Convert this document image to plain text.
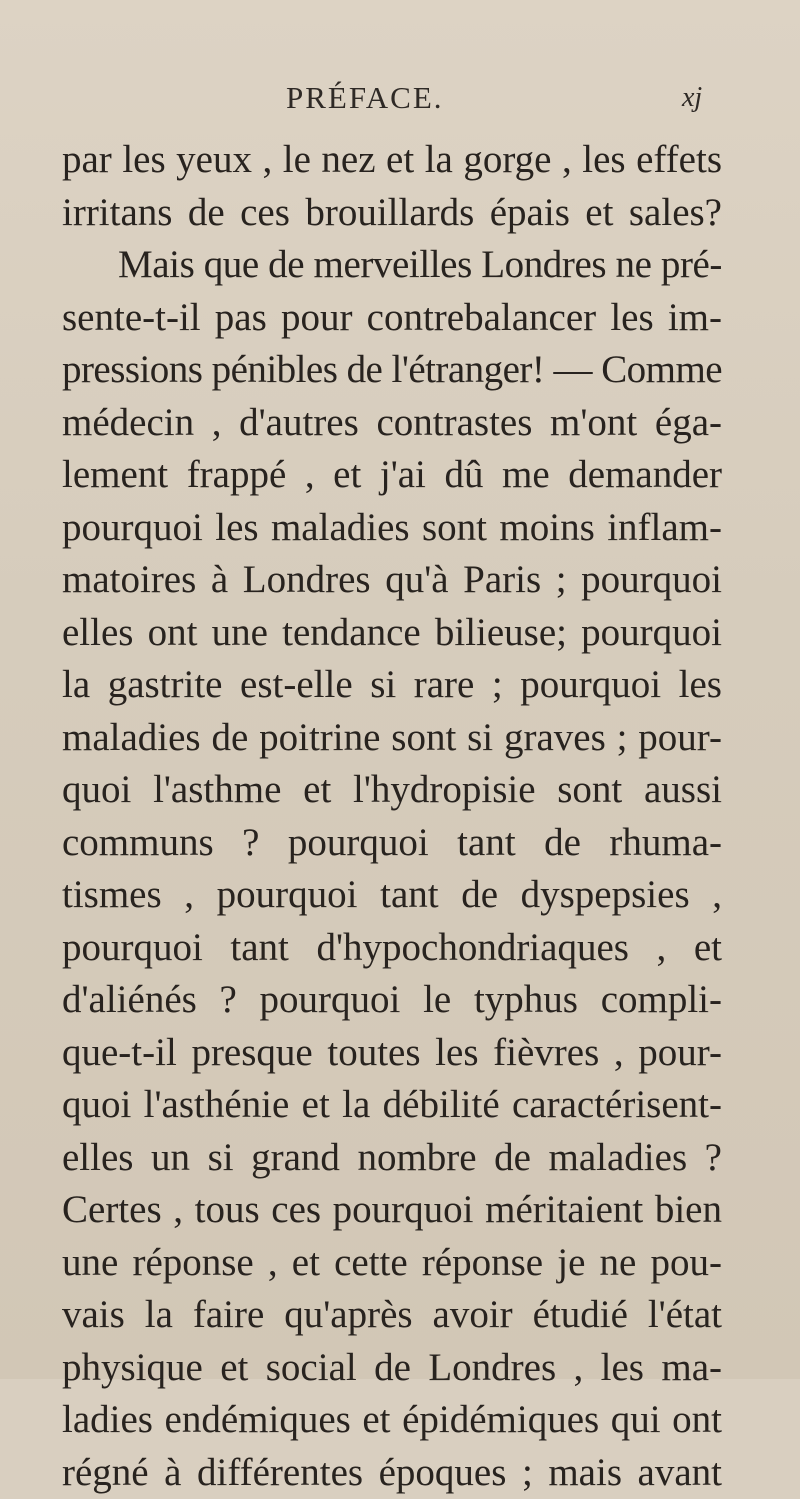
PRÉFACE.	xj
par les yeux , le nez et la gorge , les effets
irritans de ces brouillards épais et sales?
Mais que de merveilles Londres ne pré-
sente-t-il pas pour contrebalancer les im-
pressions pénibles de l'étranger! — Comme
médecin , d'autres contrastes m'ont éga-
lement frappé , et j'ai dû me demander
pourquoi les maladies sont moins inflam-
matoires à Londres qu'à Paris ; pourquoi
elles ont une tendance bilieuse; pourquoi
la gastrite est-elle si rare ; pourquoi les
maladies de poitrine sont si graves ; pour-
quoi l'asthme et l'hydropisie sont aussi
communs ? pourquoi tant de rhuma-
tismes , pourquoi tant de dyspepsies ,
pourquoi tant d'hypochondriaques , et
d'aliénés ? pourquoi le typhus compli-
que-t-il presque toutes les fièvres , pour-
quoi l'asthénie et la débilité caractérisent-
elles un si grand nombre de maladies ?
Certes , tous ces pourquoi méritaient bien
une réponse , et cette réponse je ne pou-
vais la faire qu'après avoir étudié l'état
physique et social de Londres , les ma-
ladies endémiques et épidémiques qui ont
régné à différentes époques ; mais avant
